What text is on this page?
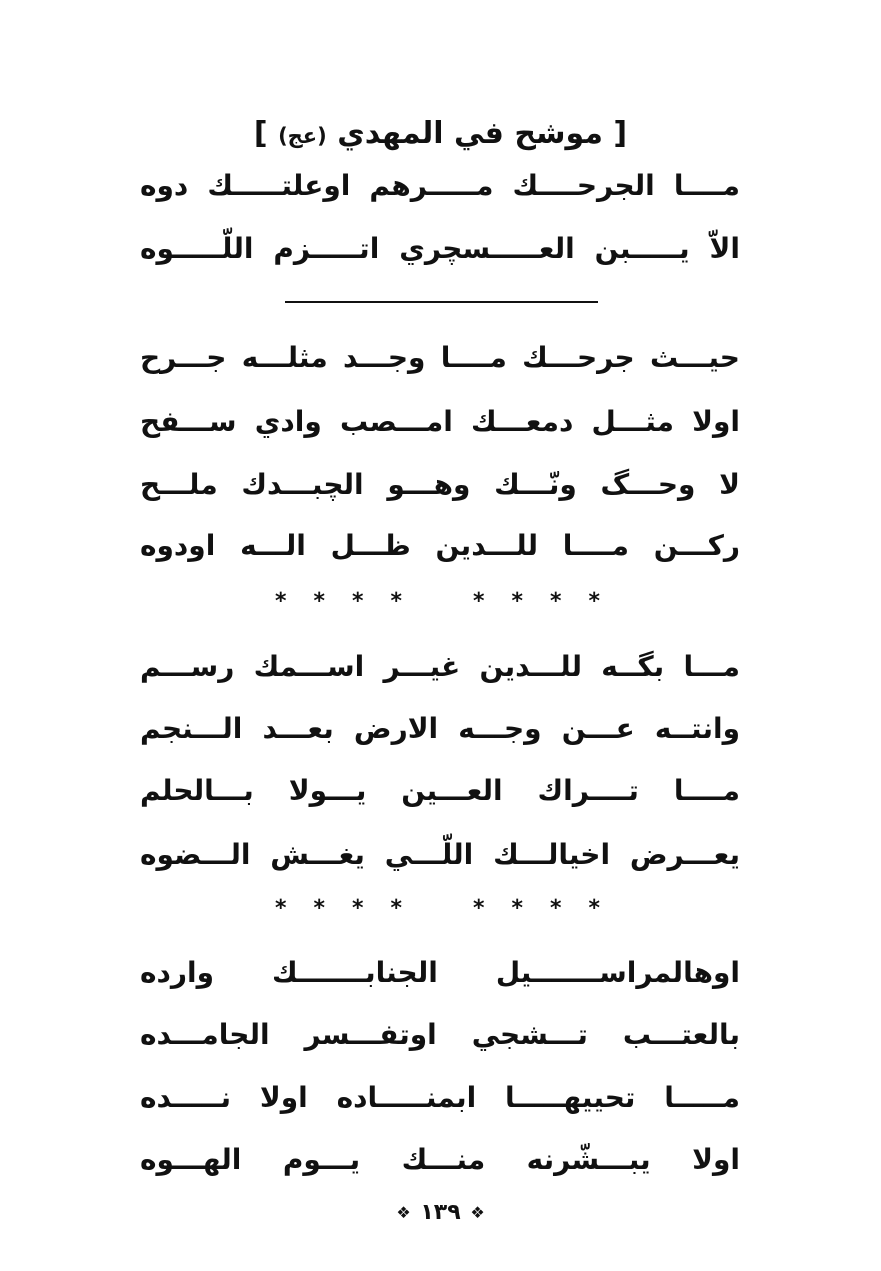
[ موشح في المهدي (عج) ]
مــــا الجرحــــك مـــــرهم اوعلتـــــك دوه
الاّ يـــــبن العـــــسچري اتـــــزم اللّـــــوه
حيـــث جرحـــك مــــا وجـــد مثلـــه جـــرح
اولا مثـــل دمعـــك امـــصب وادي ســـفح
لا وحـــگ ونّـــك وهـــو الچبـــدك ملـــح
ركـــن مــــا للـــدين ظـــل الـــه اودوه
* * * *	* * * *
مـــا بگــه للـــدين غيـــر اســـمك رســـم
وانتــه عـــن وجـــه الارض بعـــد الـــنجم
مــــا تــــراك العـــين يـــولا بـــالحلم
يعـــرض اخيالـــك اللّـــي يغـــش الـــضوه
* * * *	* * * *
اوهالمراســـــــيل الجنابـــــــك وارده
بالعتـــب تـــشجي اوتفـــسر الجامـــده
مـــــا تحييهـــــا ابمنـــــاده اولا نـــــده
اولا يبـــشّرنه منـــك يـــوم الهـــوه
❖ ١٣٩ ❖
